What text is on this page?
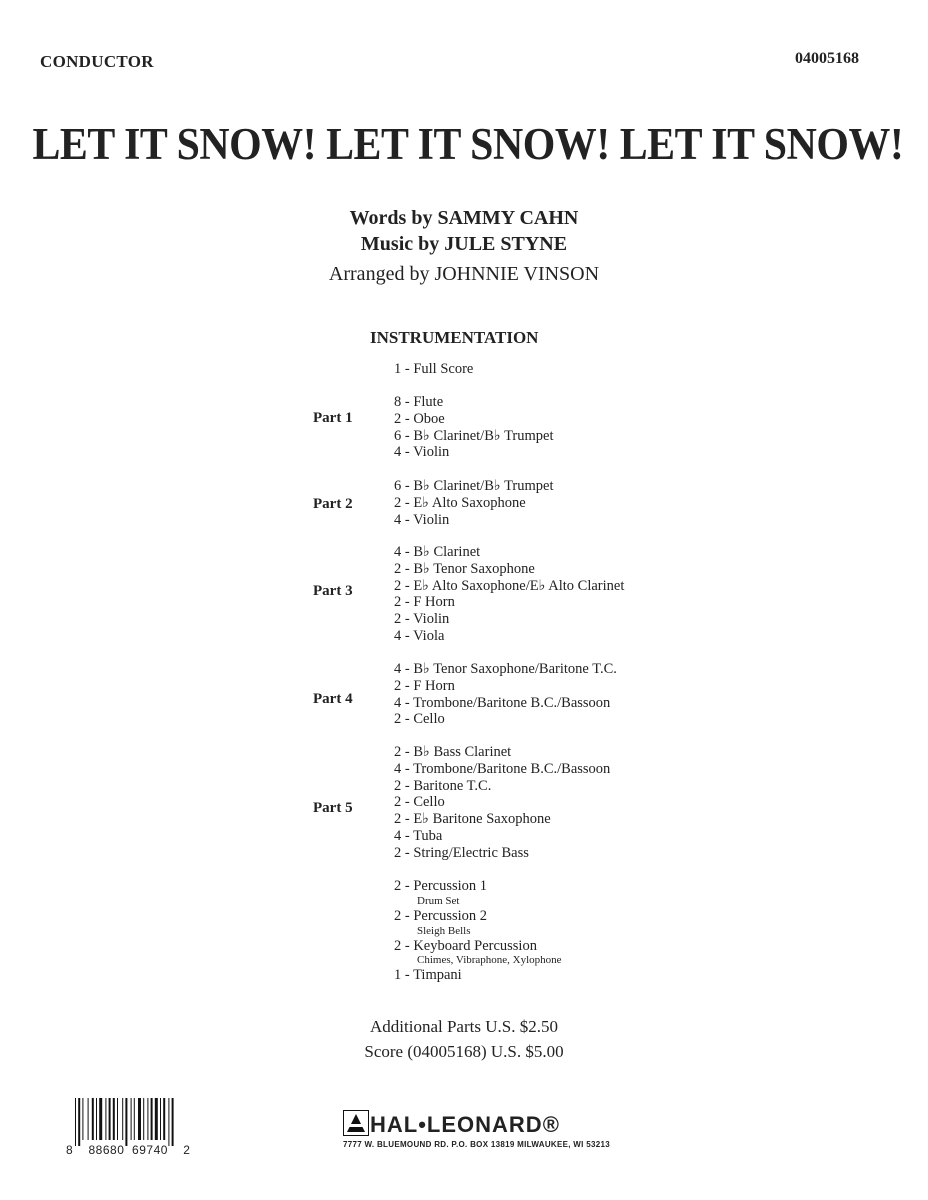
CONDUCTOR	04005168
LET IT SNOW! LET IT SNOW! LET IT SNOW!
Words by SAMMY CAHN
Music by JULE STYNE
Arranged by JOHNNIE VINSON
INSTRUMENTATION
1 - Full Score
Part 1
8 - Flute
2 - Oboe
6 - B♭ Clarinet/B♭ Trumpet
4 - Violin
Part 2
6 - B♭ Clarinet/B♭ Trumpet
2 - E♭ Alto Saxophone
4 - Violin
Part 3
4 - B♭ Clarinet
2 - B♭ Tenor Saxophone
2 - E♭ Alto Saxophone/E♭ Alto Clarinet
2 - F Horn
2 - Violin
4 - Viola
Part 4
4 - B♭ Tenor Saxophone/Baritone T.C.
2 - F Horn
4 - Trombone/Baritone B.C./Bassoon
2 - Cello
Part 5
2 - B♭ Bass Clarinet
4 - Trombone/Baritone B.C./Bassoon
2 - Baritone T.C.
2 - Cello
2 - E♭ Baritone Saxophone
4 - Tuba
2 - String/Electric Bass
2 - Percussion 1
Drum Set
2 - Percussion 2
Sleigh Bells
2 - Keyboard Percussion
Chimes, Vibraphone, Xylophone
1 - Timpani
Additional Parts U.S. $2.50
Score (04005168) U.S. $5.00
8    88680  69740    2
HAL•LEONARD®
7777 W. BLUEMOUND RD. P.O. BOX 13819 MILWAUKEE, WI 53213
